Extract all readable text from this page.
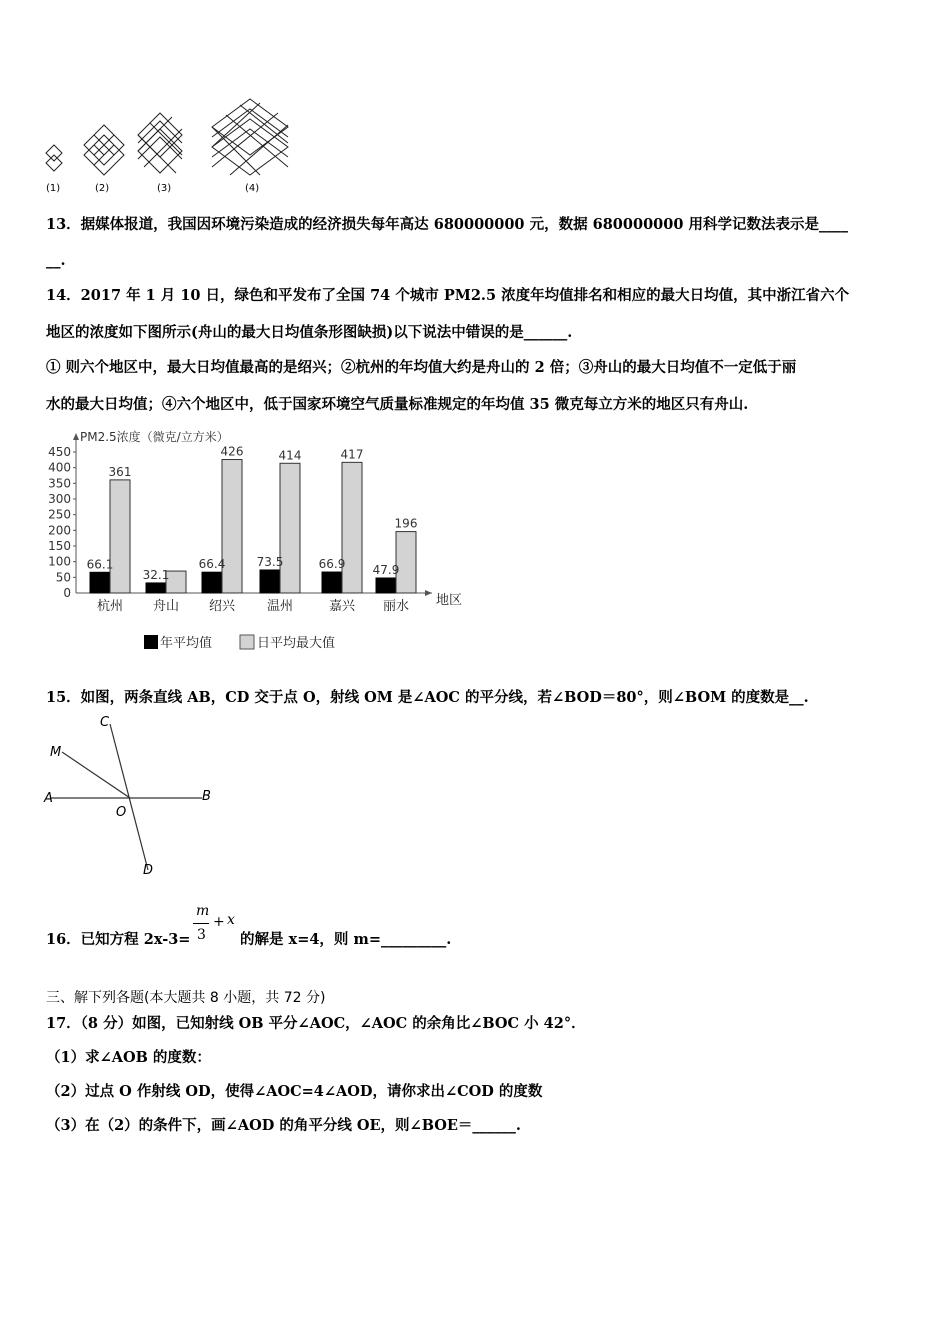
(1)	(2)	(3)	(4)
13．据媒体报道，我国因环境污染造成的经济损失每年高达 680000000 元，数据 680000000 用科学记数法表示是____
__.
14．2017 年 1 月 10 日，绿色和平发布了全国 74 个城市 PM2.5 浓度年均值排名和相应的最大日均值，其中浙江省六个
地区的浓度如下图所示(舟山的最大日均值条形图缺损)以下说法中错误的是______.
① 则六个地区中，最大日均值最高的是绍兴；②杭州的年均值大约是舟山的 2 倍；③舟山的最大日均值不一定低于丽
水的最大日均值；④六个地区中，低于国家环境空气质量标准规定的年均值 35 微克每立方米的地区只有舟山.
PM2.5浓度（微克/立方米）
0
50
100
150
200
250
300
350
400
450
66.1
361
杭州
32.1
舟山
66.4
426
绍兴
73.5
414
温州
66.9
417
嘉兴
47.9
196
丽水 地区
年平均值	日平均最大值
15．如图，两条直线 AB，CD 交于点 O，射线 OM 是∠AOC 的平分线，若∠BOD＝80°，则∠BOM 的度数是__.
C
M
A
O
B
D
16．已知方程 2x-3=
m
3
+ x
的解是 x=4，则 m=_________.
三、解下列各题(本大题共 8 小题，共 72 分)
17．（8 分）如图，已知射线 OB 平分∠AOC，∠AOC 的余角比∠BOC 小 42°．
（1）求∠AOB 的度数：
（2）过点 O 作射线 OD，使得∠AOC=4∠AOD，请你求出∠COD 的度数
（3）在（2）的条件下，画∠AOD 的角平分线 OE，则∠BOE＝______.
